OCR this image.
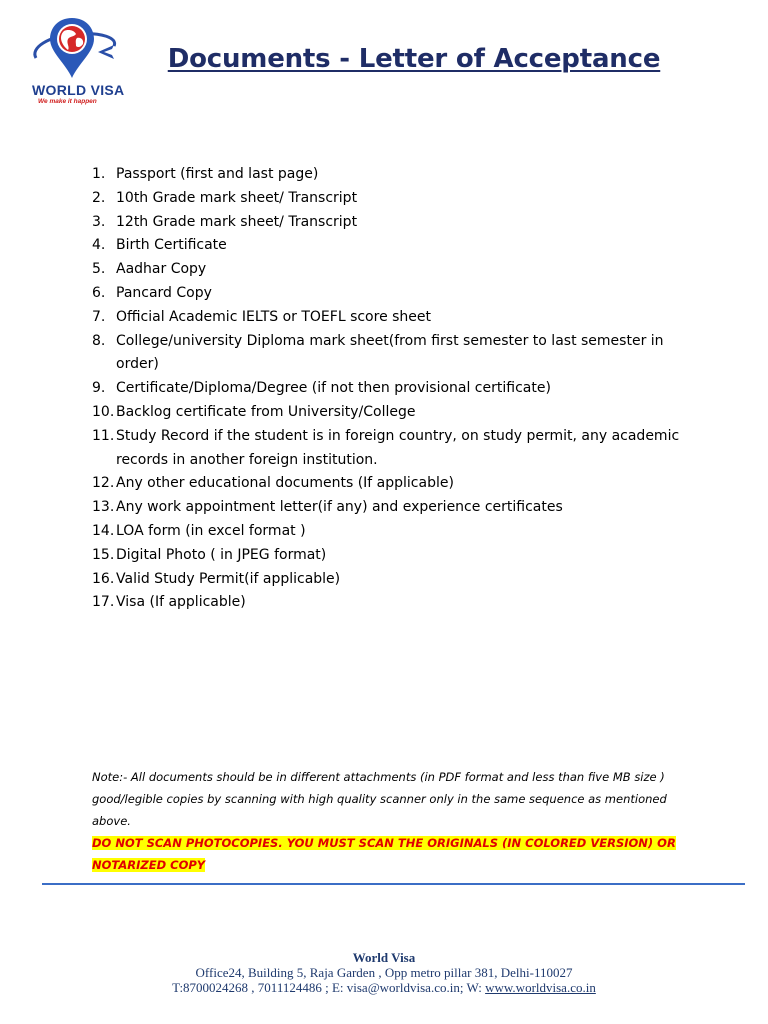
WORLD VISA
We make it happen
Documents - Letter of Acceptance
1. Passport (first and last page)
2. 10th Grade mark sheet/ Transcript
3. 12th Grade mark sheet/ Transcript
4. Birth Certificate
5. Aadhar Copy
6. Pancard Copy
7. Official Academic IELTS or TOEFL score sheet
8. College/university Diploma mark sheet(from first semester to last semester in order)
9. Certificate/Diploma/Degree (if not then provisional certificate)
10. Backlog certificate from University/College
11. Study Record if the student is in foreign country, on study permit, any academic records in another foreign institution.
12. Any other educational documents (If applicable)
13. Any work appointment letter(if any) and experience certificates
14. LOA form (in excel format )
15. Digital Photo ( in JPEG format)
16. Valid Study Permit(if applicable)
17. Visa (If applicable)
Note:- All documents should be in different attachments (in PDF format and less than five MB size ) good/legible copies by scanning with high quality scanner only in the same sequence as mentioned above.
DO NOT SCAN PHOTOCOPIES. YOU MUST SCAN THE ORIGINALS (IN COLORED VERSION) OR NOTARIZED COPY
World Visa
Office24, Building 5, Raja Garden , Opp metro pillar 381, Delhi-110027
T:8700024268 , 7011124486 ; E: visa@worldvisa.co.in; W: www.worldvisa.co.in
